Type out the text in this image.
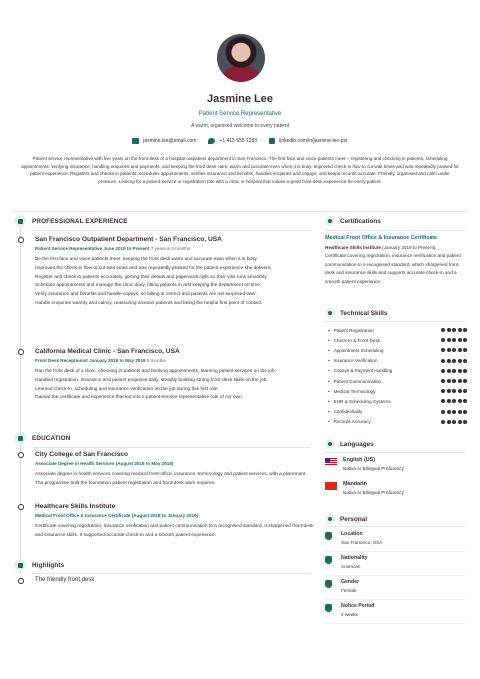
Jasmine Lee
Patient Service Representative
A warm, organised welcome to every patient
jasmine.lee@email.com	+1 415 555 1283	linkedin.com/in/jasmine-lee-psr

Patient service representative with five years on the front desk of a hospital outpatient department in San Francisco. The first face and voice patients meet -- registering and checking in patients, scheduling appointments, verifying insurance, handling enquiries and payments, and keeping the front desk calm, warm and accurate even when it is busy. Improved check-in flow to cut wait times and was repeatedly praised for patient experience. Registers and checks in patients, schedules appointments, verifies insurance and benefits, handles enquiries and copays, and keeps records accurate. Friendly, organised and calm under pressure. Looking for a patient-service or registration role with a clinic or hospital that values a great front-desk experience for every patient.

PROFESSIONAL EXPERIENCE
San Francisco Outpatient Department - San Francisco, USA
Patient Service Representative June 2019 to Present 7 years & 4 months
Be the first face and voice patients meet, keeping the front desk warm and accurate even when it is busy.
Improved the check-in flow to cut wait times and was repeatedly praised for the patient experience she delivers.
Register and check in patients accurately, getting their details and paperwork right so their visit runs smoothly.
Schedule appointments and manage the clinic diary, fitting patients in and keeping the department on time.
Verify insurance and benefits and handle copays, so billing is correct and patients are not surprised later.
Handle enquiries warmly and calmly, reassuring anxious patients and being the helpful first point of contact.
California Medical Clinic - San Francisco, USA
Front Desk Receptionist January 2019 to May 2019 5 months
Ran the front desk of a clinic, checking in patients and booking appointments, learning patient services on the job.
Handled registration, insurance and patient enquiries daily, steadily building strong front-desk skills on the job.
Learned check-in, scheduling and insurance verification on the job during this first role.
Gained the certificate and experience that led into a patient-service-representative role of my own.
EDUCATION
City College of San Francisco
Associate Degree in Health Services (August 2016 to May 2018)
Associate degree in health services covering medical front-office, insurance, terminology and patient services, with a placement. The programme built the foundation patient registration and front-desk work requires.
Healthcare Skills Institute
Medical Front Office & Insurance Certificate (August 2018 to January 2019)
Certificate covering registration, insurance verification and patient communication to a recognised standard. It sharpened front-desk and insurance skills. It supported accurate check-in and a smooth patient experience.
Highlights
The friendly front desk
Certifications
Medical Front Office & Insurance Certificate
Healthcare Skills Institute (January 2019 to Present)
Certificate covering registration, insurance verification and patient communication to a recognised standard, which sharpened front-desk and insurance skills and supports accurate check-in and a smooth patient experience.
Technical Skills
• Patient Registration
• Check-In & Front Desk
• Appointment Scheduling
• Insurance Verification
• Copays & Payment Handling
• Patient Communication
• Medical Terminology
• EHR & Scheduling Systems
• Confidentiality
• Records Accuracy
Languages
English (US)
Native or Bilingual Proficiency
Mandarin
Native or Bilingual Proficiency
Personal
Location
San Francisco, USA
Nationality
American
Gender
Female
Notice Period
2 weeks
